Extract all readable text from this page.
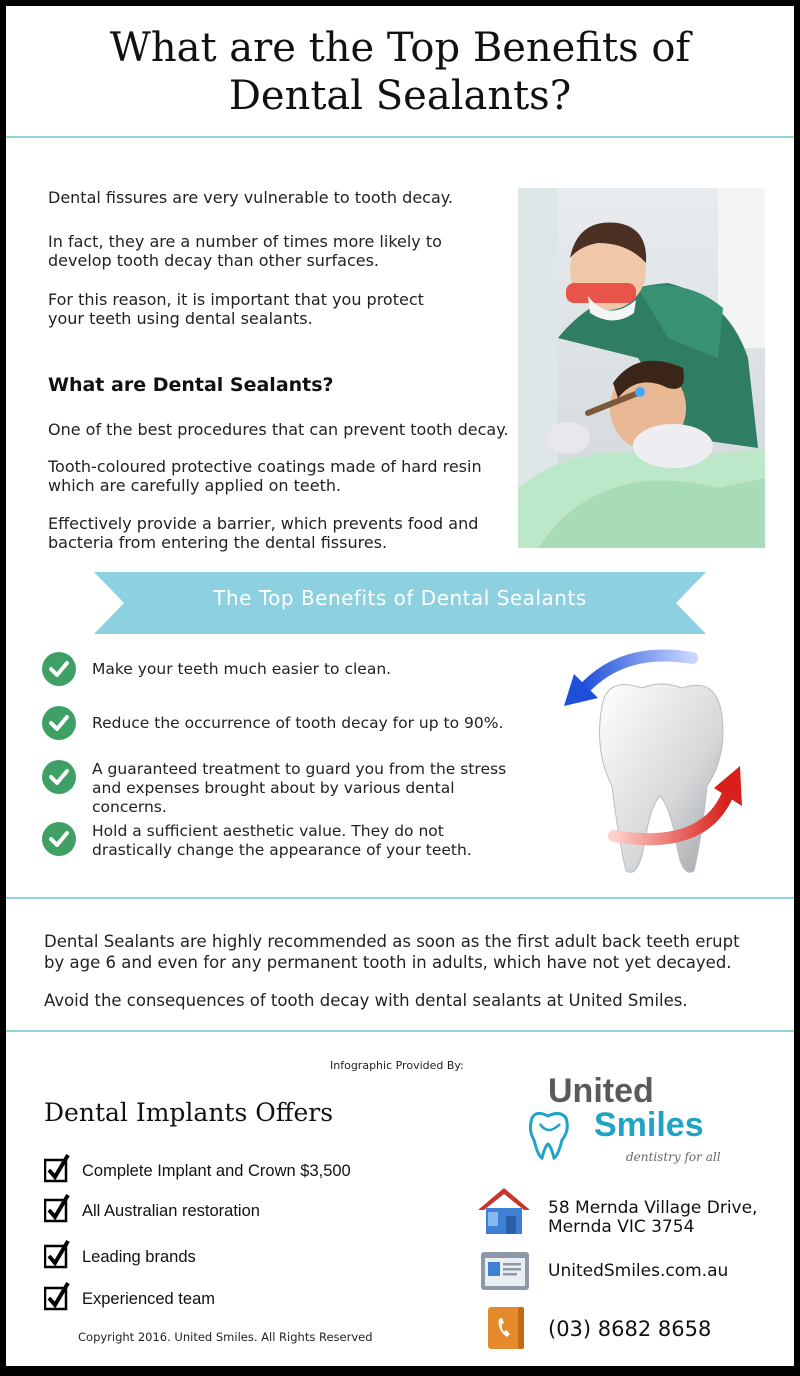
What are the Top Benefits of
Dental Sealants?
Dental fissures are very vulnerable to tooth decay.
In fact, they are a number of times more likely to
develop tooth decay than other surfaces.
For this reason, it is important that you protect
your teeth using dental sealants.
What are Dental Sealants?
One of the best procedures that can prevent tooth decay.
Tooth-coloured protective coatings made of hard resin
which are carefully applied on teeth.
Effectively provide a barrier, which prevents food and
bacteria from entering the dental fissures.
The Top Benefits of Dental Sealants
Make your teeth much easier to clean.
Reduce the occurrence of tooth decay for up to 90%.
A guaranteed treatment to guard you from the stress
and expenses brought about by various dental concerns.
Hold a sufficient aesthetic value. They do not
drastically change the appearance of your teeth.
Dental Sealants are highly recommended as soon as the first adult back teeth erupt
by age 6 and even for any permanent tooth in adults, which have not yet decayed.
Avoid the consequences of tooth decay with dental sealants at United Smiles.
Infographic Provided By:
Dental Implants Offers
Complete Implant and Crown $3,500
All Australian restoration
Leading brands
Experienced team
Copyright 2016. United Smiles. All Rights Reserved
United
Smiles
dentistry for all
58 Mernda Village Drive,
Mernda VIC 3754
UnitedSmiles.com.au
(03) 8682 8658
